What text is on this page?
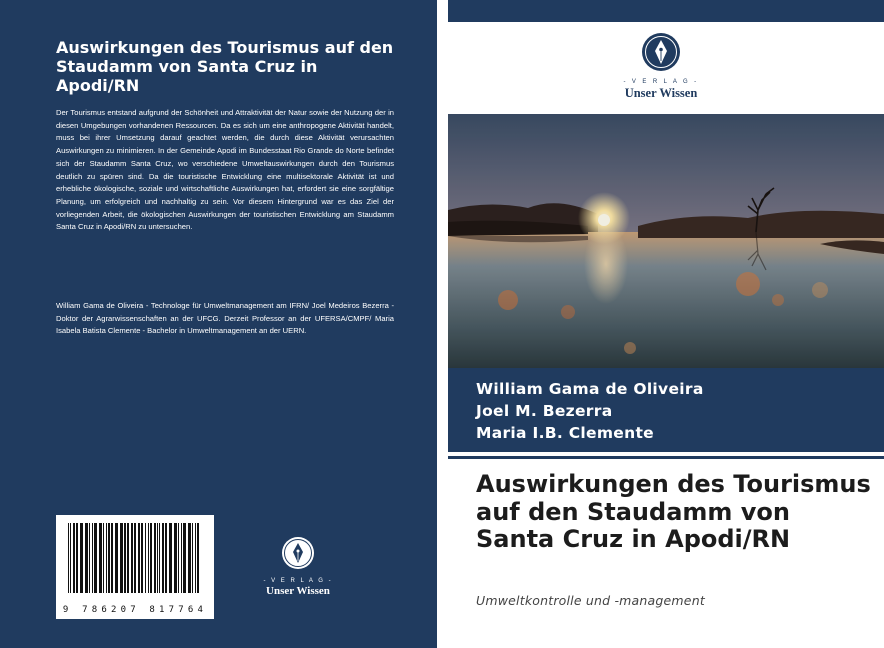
Auswirkungen des Tourismus auf den Staudamm von Santa Cruz in Apodi/RN
Der Tourismus entstand aufgrund der Schönheit und Attraktivität der Natur sowie der Nutzung der in diesen Umgebungen vorhandenen Ressourcen. Da es sich um eine anthropogene Aktivität handelt, muss bei ihrer Umsetzung darauf geachtet werden, die durch diese Aktivität verursachten Auswirkungen zu minimieren. In der Gemeinde Apodi im Bundesstaat Rio Grande do Norte befindet sich der Staudamm Santa Cruz, wo verschiedene Umweltauswirkungen durch den Tourismus deutlich zu spüren sind. Da die touristische Entwicklung eine multisektorale Aktivität ist und erhebliche ökologische, soziale und wirtschaftliche Auswirkungen hat, erfordert sie eine sorgfältige Planung, um erfolgreich und nachhaltig zu sein. Vor diesem Hintergrund war es das Ziel der vorliegenden Arbeit, die ökologischen Auswirkungen der touristischen Entwicklung am Staudamm Santa Cruz in Apodi/RN zu untersuchen.
William Gama de Oliveira - Technologe für Umweltmanagement am IFRN/ Joel Medeiros Bezerra - Doktor der Agrarwissenschaften an der UFCG. Derzeit Professor an der UFERSA/CMPF/ Maria Isabela Batista Clemente - Bachelor in Umweltmanagement an der UERN.
9 786207 817764
- V E R L A G -
Unser Wissen
- V E R L A G -
Unser Wissen
William Gama de Oliveira
Joel M. Bezerra
Maria I.B. Clemente
Auswirkungen des Tourismus auf den Staudamm von Santa Cruz in Apodi/RN
Umweltkontrolle und -management
